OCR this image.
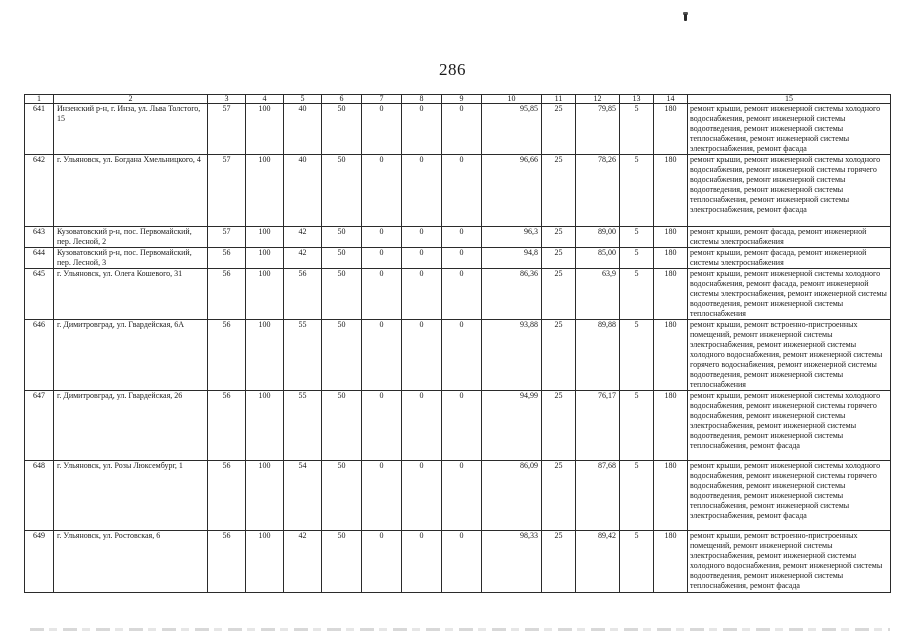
286
1	2	3	4	5	6	7	8	9	10	11	12	13	14	15
641	Инзенский р-н, г. Инза, ул. Льва Толстого, 15	57	100	40	50	0	0	0	95,85	25	79,85	5	180	ремонт крыши, ремонт инженерной системы холодного водоснабжения, ремонт инженерной системы водоотведения, ремонт инженерной системы теплоснабжения, ремонт инженерной системы электроснабжения, ремонт фасада
642	г. Ульяновск, ул. Богдана Хмельницкого, 4	57	100	40	50	0	0	0	96,66	25	78,26	5	180	ремонт крыши, ремонт инженерной системы холодного водоснабжения, ремонт инженерной системы горячего водоснабжения, ремонт инженерной системы водоотведения, ремонт инженерной системы теплоснабжения, ремонт инженерной системы электроснабжения, ремонт фасада
643	Кузоватовский р-н, пос. Первомайский, пер. Лесной, 2	57	100	42	50	0	0	0	96,3	25	89,00	5	180	ремонт крыши, ремонт фасада, ремонт инженерной системы электроснабжения
644	Кузоватовский р-н, пос. Первомайский, пер. Лесной, 3	56	100	42	50	0	0	0	94,8	25	85,00	5	180	ремонт крыши, ремонт фасада, ремонт инженерной системы электроснабжения
645	г. Ульяновск, ул. Олега Кошевого, 31	56	100	56	50	0	0	0	86,36	25	63,9	5	180	ремонт крыши, ремонт инженерной системы холодного водоснабжения, ремонт фасада, ремонт инженерной системы электроснабжения, ремонт инженерной системы водоотведения, ремонт инженерной системы теплоснабжения
646	г. Димитровград, ул. Гвардейская, 6А	56	100	55	50	0	0	0	93,88	25	89,88	5	180	ремонт крыши, ремонт встроенно-пристроенных помещений, ремонт инженерной системы электроснабжения, ремонт инженерной системы холодного водоснабжения, ремонт инженерной системы горячего водоснабжения, ремонт инженерной системы водоотведения, ремонт инженерной системы теплоснабжения
647	г. Димитровград, ул. Гвардейская, 26	56	100	55	50	0	0	0	94,99	25	76,17	5	180	ремонт крыши, ремонт инженерной системы холодного водоснабжения, ремонт инженерной системы горячего водоснабжения, ремонт инженерной системы электроснабжения, ремонт инженерной системы водоотведения, ремонт инженерной системы теплоснабжения, ремонт фасада
648	г. Ульяновск, ул. Розы Люксембург, 1	56	100	54	50	0	0	0	86,09	25	87,68	5	180	ремонт крыши, ремонт инженерной системы холодного водоснабжения, ремонт инженерной системы горячего водоснабжения, ремонт инженерной системы водоотведения, ремонт инженерной системы теплоснабжения, ремонт инженерной системы электроснабжения, ремонт фасада
649	г. Ульяновск, ул. Ростовская, 6	56	100	42	50	0	0	0	98,33	25	89,42	5	180	ремонт крыши, ремонт встроенно-пристроенных помещений, ремонт инженерной системы электроснабжения, ремонт инженерной системы холодного водоснабжения, ремонт инженерной системы водоотведения, ремонт инженерной системы теплоснабжения, ремонт фасада
